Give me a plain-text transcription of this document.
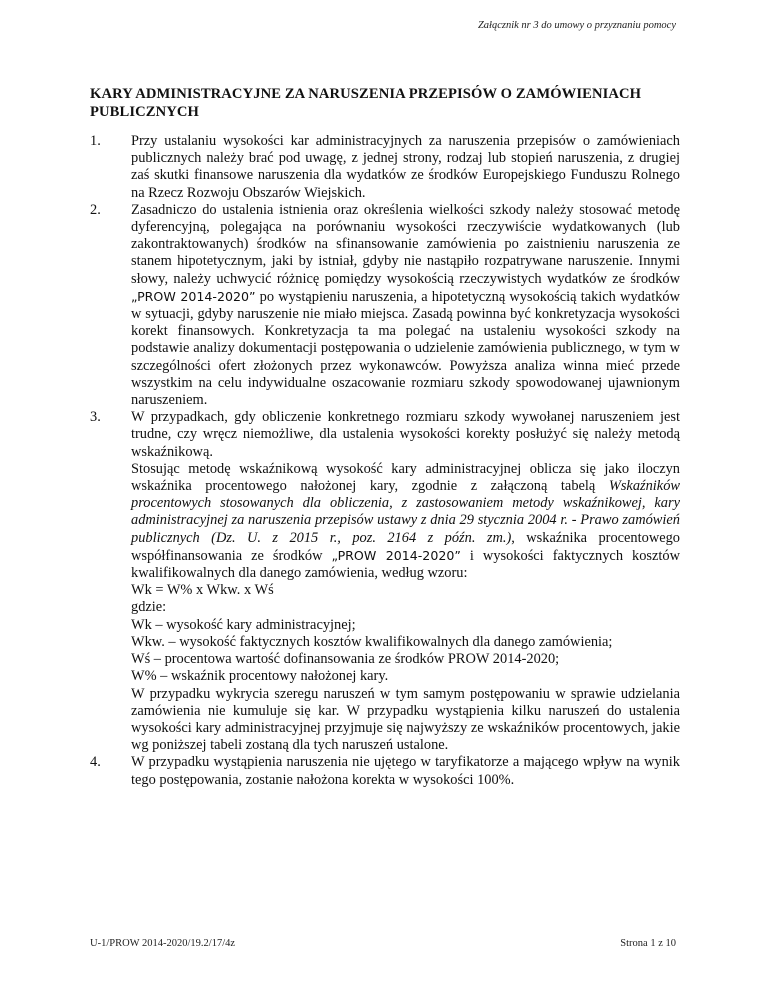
Załącznik nr 3 do umowy o przyznaniu pomocy
KARY ADMINISTRACYJNE ZA NARUSZENIA PRZEPISÓW O ZAMÓWIENIACH PUBLICZNYCH
1.	Przy ustalaniu wysokości kar administracyjnych za naruszenia przepisów o zamówieniach publicznych należy brać pod uwagę, z jednej strony, rodzaj lub stopień naruszenia, z drugiej zaś skutki finansowe naruszenia dla wydatków ze środków Europejskiego Funduszu Rolnego na Rzecz Rozwoju Obszarów Wiejskich.

2.	Zasadniczo do ustalenia istnienia oraz określenia wielkości szkody należy stosować metodę dyferencyjną, polegająca na porównaniu wysokości rzeczywiście wydatkowanych (lub zakontraktowanych) środków na sfinansowanie zamówienia po zaistnieniu naruszenia ze stanem hipotetycznym, jaki by istniał, gdyby nie nastąpiło rozpatrywane naruszenie. Innymi słowy, należy uchwycić różnicę pomiędzy wysokością rzeczywistych wydatków ze środków „PROW 2014-2020” po wystąpieniu naruszenia, a hipotetyczną wysokością takich wydatków w sytuacji, gdyby naruszenie nie miało miejsca. Zasadą powinna być konkretyzacja wysokości korekt finansowych. Konkretyzacja ta ma polegać na ustaleniu wysokości szkody na podstawie analizy dokumentacji postępowania o udzielenie zamówienia publicznego, w tym w szczególności ofert złożonych przez wykonawców. Powyższa analiza winna mieć przede wszystkim na celu indywidualne oszacowanie rozmiaru szkody spowodowanej ujawnionym naruszeniem.

3.	W przypadkach, gdy obliczenie konkretnego rozmiaru szkody wywołanej naruszeniem jest trudne, czy wręcz niemożliwe, dla ustalenia wysokości korekty posłużyć się należy metodą wskaźnikową.

Stosując metodę wskaźnikową wysokość kary administracyjnej oblicza się jako iloczyn wskaźnika procentowego nałożonej kary, zgodnie z załączoną tabelą Wskaźników procentowych stosowanych dla obliczenia, z zastosowaniem metody wskaźnikowej, kary administracyjnej za naruszenia przepisów ustawy z dnia 29 stycznia 2004 r. - Prawo zamówień publicznych (Dz. U. z 2015 r., poz. 2164 z późn. zm.), wskaźnika procentowego współfinansowania ze środków „PROW 2014-2020” i wysokości faktycznych kosztów kwalifikowalnych dla danego zamówienia, według wzoru:

Wk = W% x Wkw. x Wś

gdzie:

Wk – wysokość kary administracyjnej;

Wkw. – wysokość faktycznych kosztów kwalifikowalnych dla danego zamówienia;

Wś – procentowa wartość dofinansowania ze środków PROW 2014-2020;

W% – wskaźnik procentowy nałożonej kary.

W przypadku wykrycia szeregu naruszeń w tym samym postępowaniu w sprawie udzielania zamówienia nie kumuluje się kar. W przypadku wystąpienia kilku naruszeń do ustalenia wysokości kary administracyjnej przyjmuje się najwyższy ze wskaźników procentowych, jakie wg poniższej tabeli zostaną dla tych naruszeń ustalone.

4.	W przypadku wystąpienia naruszenia nie ujętego w taryfikatorze a mającego wpływ na wynik tego postępowania, zostanie nałożona korekta w wysokości 100%.

U-1/PROW 2014-2020/19.2/17/4z	Strona 1 z 10
